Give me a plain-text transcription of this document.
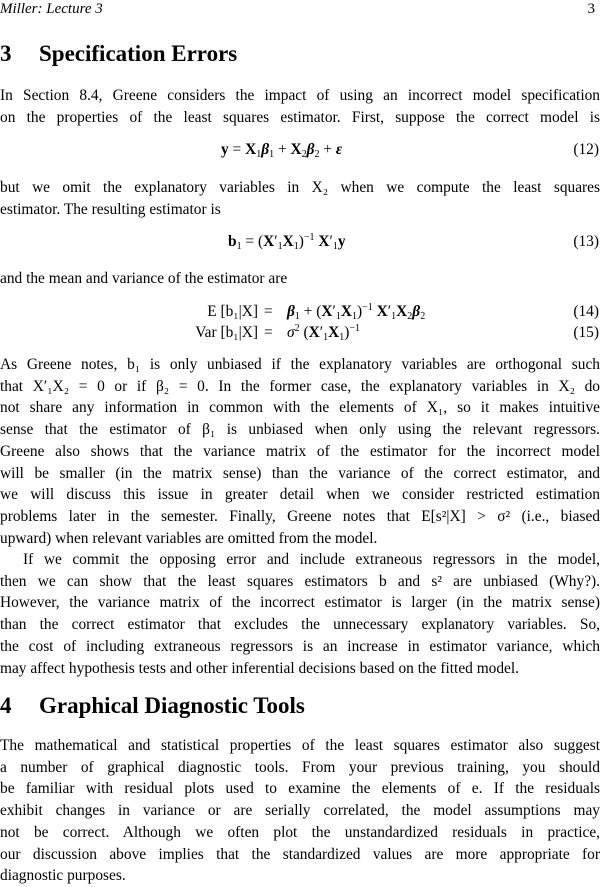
Miller: Lecture 3	3
3 Specification Errors
In Section 8.4, Greene considers the impact of using an incorrect model specification
on the properties of the least squares estimator. First, suppose the correct model is
$y = X_1\beta_1 + X_2\beta_2 + \varepsilon$	(12)
but we omit the explanatory variables in X₂ when we compute the least squares
estimator. The resulting estimator is
$b_1 = (X'_1X_1)^{-1}$ $X'_1y$	(13)
and the mean and variance of the estimator are
E $[b_1|X] = \beta_1 + (X'_1X_1)^{-1}$ $X'_1X_2\beta_2$	(14)
Var $[b_1|X] = \sigma^2$ $(X'_1X_1)^{-1}$	(15)
As Greene notes, b₁ is only unbiased if the explanatory variables are orthogonal such
that X′₁X₂ = 0 or if β₂ = 0. In the former case, the explanatory variables in X₂ do
not share any information in common with the elements of X₁, so it makes intuitive
sense that the estimator of β₁ is unbiased when only using the relevant regressors.
Greene also shows that the variance matrix of the estimator for the incorrect model
will be smaller (in the matrix sense) than the variance of the correct estimator, and
we will discuss this issue in greater detail when we consider restricted estimation
problems later in the semester. Finally, Greene notes that E[s²|X] > σ² (i.e., biased
upward) when relevant variables are omitted from the model.
If we commit the opposing error and include extraneous regressors in the model,
then we can show that the least squares estimators b and s² are unbiased (Why?).
However, the variance matrix of the incorrect estimator is larger (in the matrix sense)
than the correct estimator that excludes the unnecessary explanatory variables. So,
the cost of including extraneous regressors is an increase in estimator variance, which
may affect hypothesis tests and other inferential decisions based on the fitted model.
4 Graphical Diagnostic Tools
The mathematical and statistical properties of the least squares estimator also suggest
a number of graphical diagnostic tools. From your previous training, you should
be familiar with residual plots used to examine the elements of e. If the residuals
exhibit changes in variance or are serially correlated, the model assumptions may
not be correct. Although we often plot the unstandardized residuals in practice,
our discussion above implies that the standardized values are more appropriate for
diagnostic purposes.
